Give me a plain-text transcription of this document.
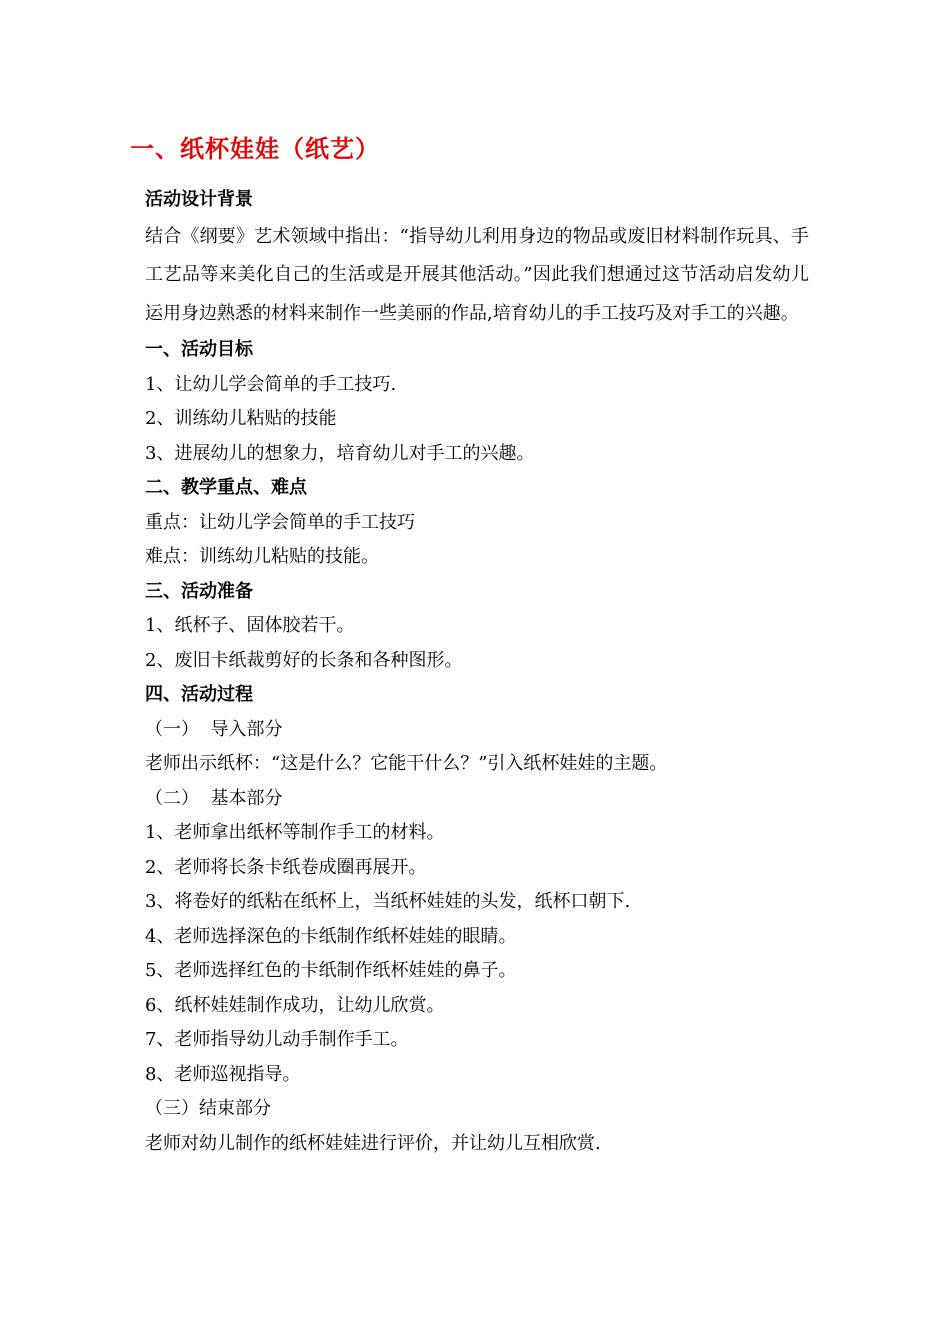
一、纸杯娃娃（纸艺）

活动设计背景

结合《纲要》艺术领域中指出：“指导幼儿利用身边的物品或废旧材料制作玩具、手工艺品等来美化自己的生活或是开展其他活动。”因此我们想通过这节活动启发幼儿运用身边熟悉的材料来制作一些美丽的作品,培育幼儿的手工技巧及对手工的兴趣。

一、活动目标

1、让幼儿学会简单的手工技巧.

2、训练幼儿粘贴的技能

3、进展幼儿的想象力，培育幼儿对手工的兴趣。

二、教学重点、难点

重点：让幼儿学会简单的手工技巧

难点：训练幼儿粘贴的技能。

三、活动准备

1、纸杯子、固体胶若干。

2、废旧卡纸裁剪好的长条和各种图形。

四、活动过程

（一）  导入部分

老师出示纸杯：“这是什么？它能干什么？”引入纸杯娃娃的主题。

（二）  基本部分

1、老师拿出纸杯等制作手工的材料。

2、老师将长条卡纸卷成圈再展开。

3、将卷好的纸粘在纸杯上，当纸杯娃娃的头发，纸杯口朝下.

4、老师选择深色的卡纸制作纸杯娃娃的眼睛。

5、老师选择红色的卡纸制作纸杯娃娃的鼻子。

6、纸杯娃娃制作成功，让幼儿欣赏。

7、老师指导幼儿动手制作手工。

8、老师巡视指导。

（三）结束部分

老师对幼儿制作的纸杯娃娃进行评价，并让幼儿互相欣赏.
